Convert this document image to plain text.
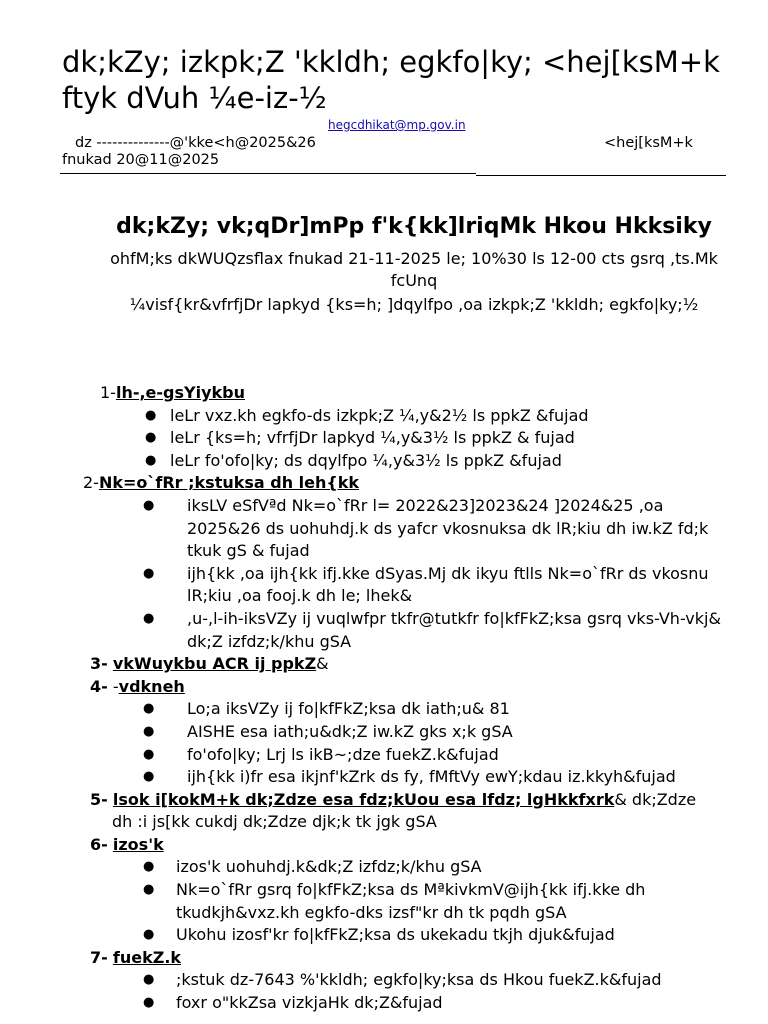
dk;kZy; izkpk;Z 'kkldh; egkfo|ky; <hej[ksM+k
ftyk dVuh ¼e-iz-½
hegcdhikat@mp.gov.in
dz --------------@'kke<h@2025&26	<hej[ksM+k
fnukad 20@11@2025
dk;kZy; vk;qDr]mPp f'k{kk]lriqMk Hkou Hkksiky
ohfM;ks dkWUQzsflax fnukad 21-11-2025 le; 10%30 ls 12-00 cts gsrq ,ts.Mk
fcUnq
¼visf{kr&vfrfjDr lapkyd {ks=h; ]dqylfpo ,oa izkpk;Z 'kkldh; egkfo|ky;½
1-lh-,e-gsYiykbu
● leLr vxz.kh egkfo-ds izkpk;Z ¼,y&2½ ls ppkZ &fujad
● leLr {ks=h; vfrfjDr lapkyd ¼,y&3½ ls ppkZ & fujad
● leLr fo'ofo|ky; ds dqylfpo ¼,y&3½ ls ppkZ &fujad
2-Nk=o`fRr ;kstuksa dh leh{kk
● iksLV eSfVªd Nk=o`fRr l= 2022&23]2023&24 ]2024&25 ,oa 2025&26 ds uohuhdj.k ds yafcr vkosnuksa dk lR;kiu dh iw.kZ fd;k tkuk gS & fujad
● ijh{kk ,oa ijh{kk ifj.kke dSyas.Mj dk ikyu ftlls Nk=o`fRr ds vkosnu lR;kiu ,oa fooj.k dh le; lhek&
● ,u-,l-ih-iksVZy ij vuqlwfpr tkfr@tutkfr fo|kfFkZ;ksa gsrq vks-Vh-vkj& dk;Z izfdz;k/khu gSA
3- vkWuykbu ACR ij ppkZ&
4- -vdkneh
● Lo;a iksVZy ij fo|kfFkZ;ksa dk iath;u& 81
● AISHE esa iath;u&dk;Z iw.kZ gks x;k gSA
● fo'ofo|ky; Lrj ls ikB~;dze fuekZ.k&fujad
● ijh{kk i)fr esa ikjnf'kZrk ds fy, fMftVy ewY;kdau iz.kkyh&fujad
5- lsok i[kokM+k dk;Zdze esa fdz;kUou esa lfdz; lgHkkfxrk& dk;Zdze
dh :i js[kk cukdj dk;Zdze djk;k tk jgk gSA
6- izos'k
● izos'k uohuhdj.k&dk;Z izfdz;k/khu gSA
● Nk=o`fRr gsrq fo|kfFkZ;ksa ds MªkivkmV@ijh{kk ifj.kke dh tkudkjh&vxz.kh egkfo-dks izsf"kr dh tk pqdh gSA
● Ukohu izosf'kr fo|kfFkZ;ksa ds ukekadu tkjh djuk&fujad
7- fuekZ.k
● ;kstuk dz-7643 %'kkldh; egkfo|ky;ksa ds Hkou fuekZ.k&fujad
● foxr o"kkZsa vizkjaHk dk;Z&fujad
